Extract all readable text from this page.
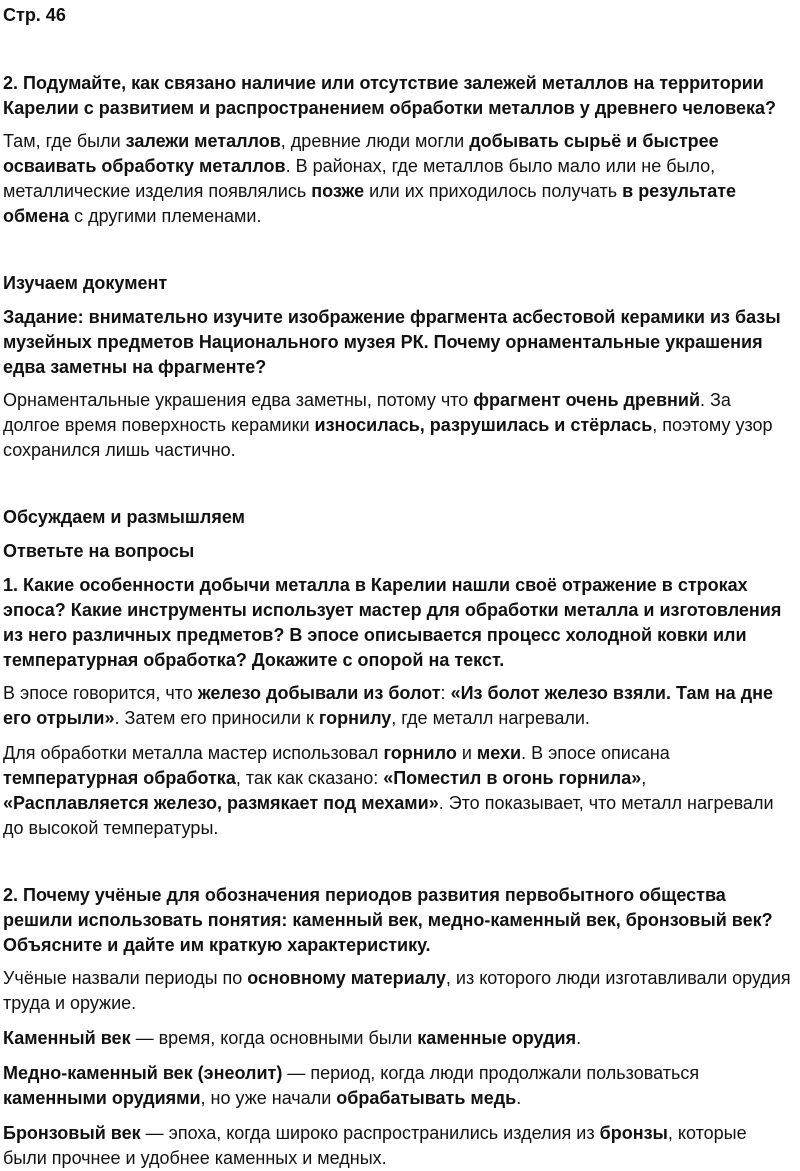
Стр. 46
2. Подумайте, как связано наличие или отсутствие залежей металлов на территории Карелии с развитием и распространением обработки металлов у древнего человека?
Там, где были залежи металлов, древние люди могли добывать сырьё и быстрее осваивать обработку металлов. В районах, где металлов было мало или не было, металлические изделия появлялись позже или их приходилось получать в результате обмена с другими племенами.
Изучаем документ
Задание: внимательно изучите изображение фрагмента асбестовой керамики из базы музейных предметов Национального музея РК. Почему орнаментальные украшения едва заметны на фрагменте?
Орнаментальные украшения едва заметны, потому что фрагмент очень древний. За долгое время поверхность керамики износилась, разрушилась и стёрлась, поэтому узор сохранился лишь частично.
Обсуждаем и размышляем
Ответьте на вопросы
1. Какие особенности добычи металла в Карелии нашли своё отражение в строках эпоса? Какие инструменты использует мастер для обработки металла и изготовления из него различных предметов? В эпосе описывается процесс холодной ковки или температурная обработка? Докажите с опорой на текст.
В эпосе говорится, что железо добывали из болот: «Из болот железо взяли. Там на дне его отрыли». Затем его приносили к горнилу, где металл нагревали.
Для обработки металла мастер использовал горнило и мехи. В эпосе описана температурная обработка, так как сказано: «Поместил в огонь горнила», «Расплавляется железо, размякает под мехами». Это показывает, что металл нагревали до высокой температуры.
2. Почему учёные для обозначения периодов развития первобытного общества решили использовать понятия: каменный век, медно-каменный век, бронзовый век? Объясните и дайте им краткую характеристику.
Учёные назвали периоды по основному материалу, из которого люди изготавливали орудия труда и оружие.
Каменный век — время, когда основными были каменные орудия.
Медно-каменный век (энеолит) — период, когда люди продолжали пользоваться каменными орудиями, но уже начали обрабатывать медь.
Бронзовый век — эпоха, когда широко распространились изделия из бронзы, которые были прочнее и удобнее каменных и медных.
